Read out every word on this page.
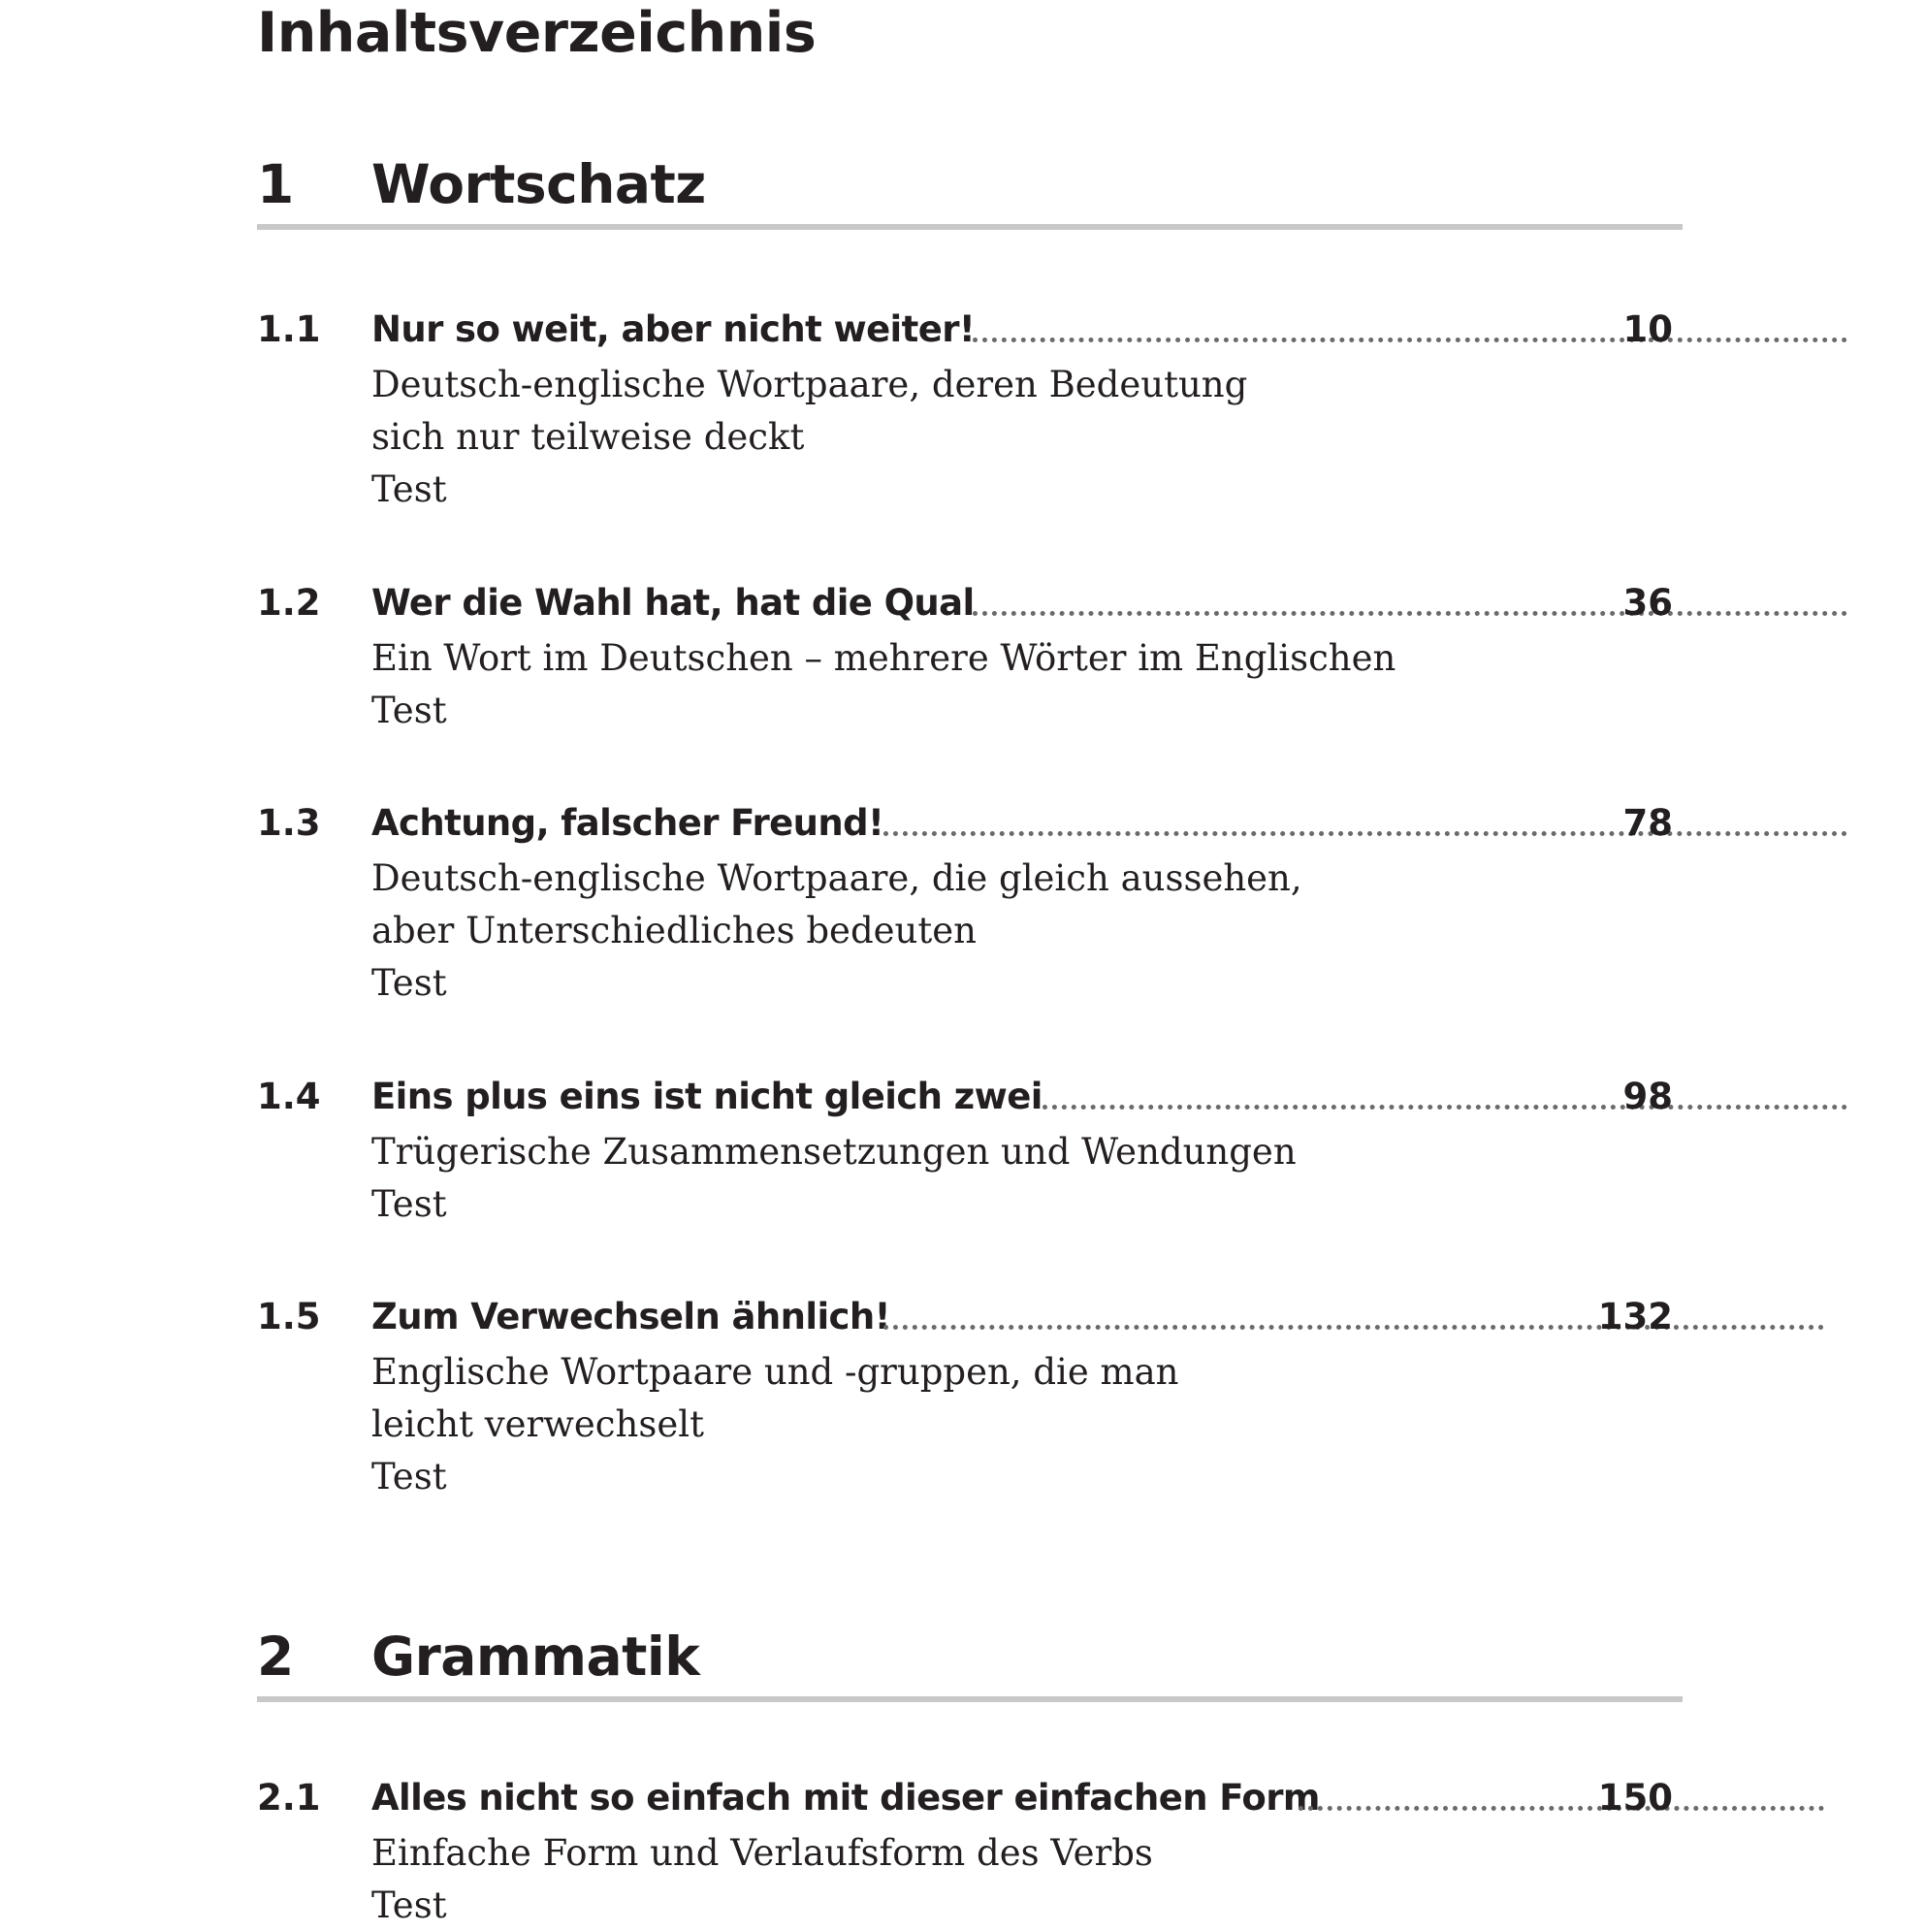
Inhaltsverzeichnis
1 Wortschatz
1.1 Nur so weit, aber nicht weiter!	10
Deutsch-englische Wortpaare, deren Bedeutung
sich nur teilweise deckt
Test
1.2 Wer die Wahl hat, hat die Qual	36
Ein Wort im Deutschen – mehrere Wörter im Englischen
Test
1.3 Achtung, falscher Freund!	78
Deutsch-englische Wortpaare, die gleich aussehen,
aber Unterschiedliches bedeuten
Test
1.4 Eins plus eins ist nicht gleich zwei	98
Trügerische Zusammensetzungen und Wendungen
Test
1.5 Zum Verwechseln ähnlich!	132
Englische Wortpaare und -gruppen, die man
leicht verwechselt
Test
2 Grammatik
2.1 Alles nicht so einfach mit dieser einfachen Form	150
Einfache Form und Verlaufsform des Verbs
Test
